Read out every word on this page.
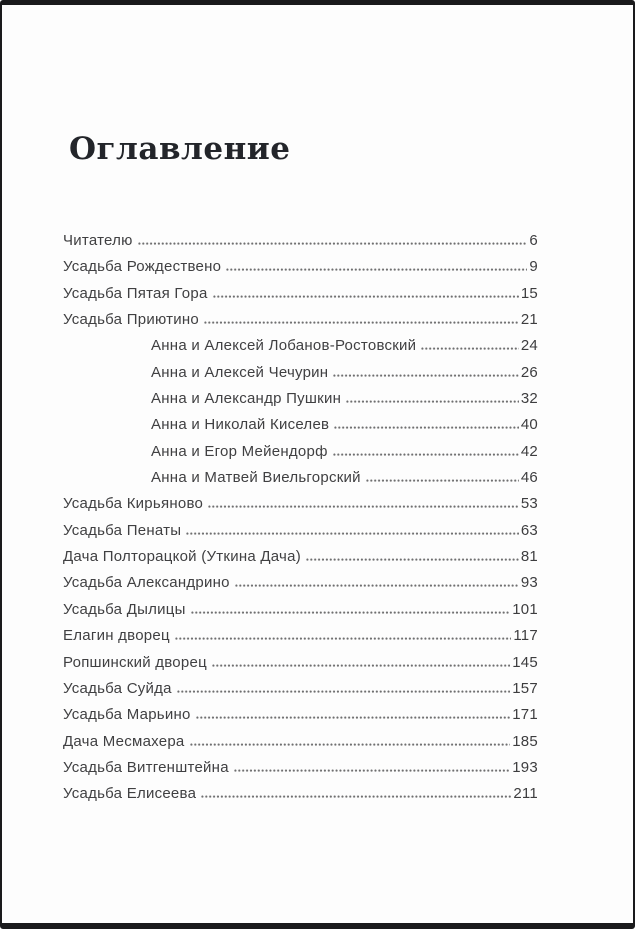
Оглавление
Читателю	6
Усадьба Рождествено	9
Усадьба Пятая Гора	15
Усадьба Приютино	21
Анна и Алексей Лобанов-Ростовский	24
Анна и Алексей Чечурин	26
Анна и Александр Пушкин	32
Анна и Николай Киселев	40
Анна и Егор Мейендорф	42
Анна и Матвей Виельгорский	46
Усадьба Кирьяново	53
Усадьба Пенаты	63
Дача Полторацкой (Уткина Дача)	81
Усадьба Александрино	93
Усадьба Дылицы	101
Елагин дворец	117
Ропшинский дворец	145
Усадьба Суйда	157
Усадьба Марьино	171
Дача Месмахера	185
Усадьба Витгенштейна	193
Усадьба Елисеева	211
